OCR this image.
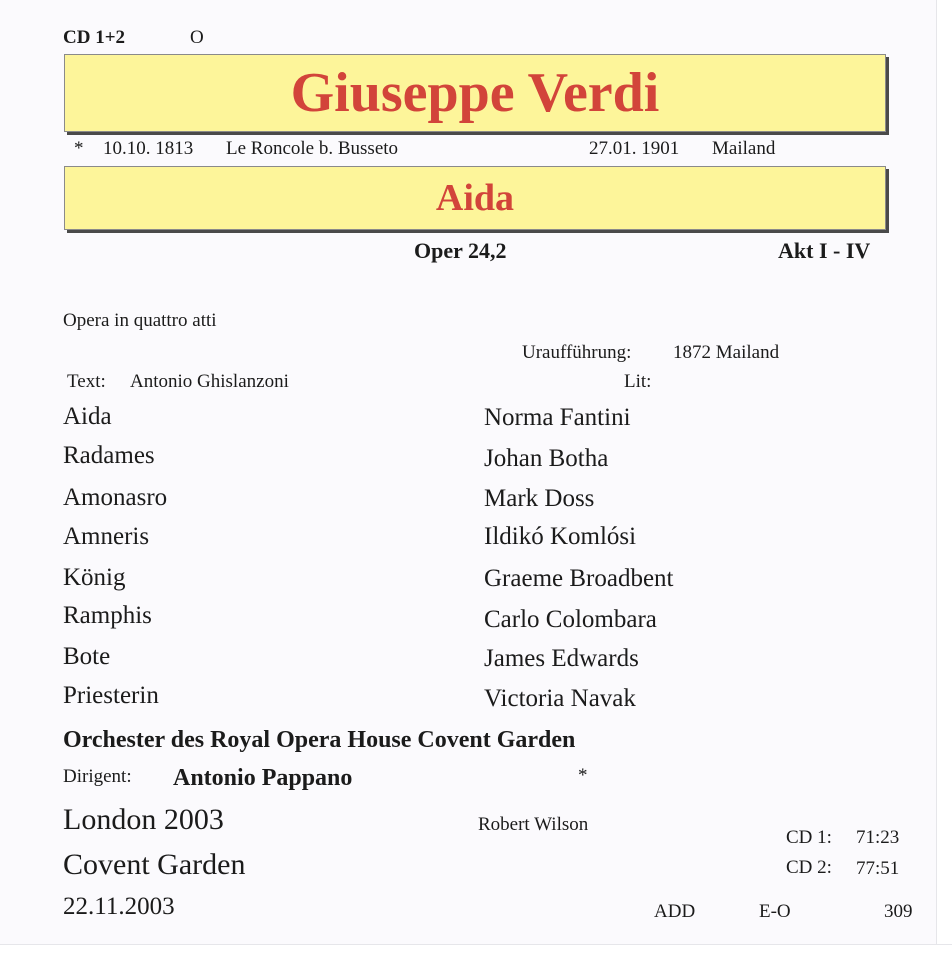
CD 1+2	O
Giuseppe Verdi
* 10.10. 1813 Le Roncole b. Busseto	27.01. 1901 Mailand
Aida
Oper 24,2	Akt I - IV
Opera in quattro atti
Uraufführung: 1872 Mailand
Text: Antonio Ghislanzoni	Lit:
Aida	Norma Fantini
Radames	Johan Botha
Amonasro	Mark Doss
Amneris	Ildikó Komlósi
König	Graeme Broadbent
Ramphis	Carlo Colombara
Bote	James Edwards
Priesterin	Victoria Navak
Orchester des Royal Opera House Covent Garden
Dirigent: Antonio Pappano	*
London 2003	Robert Wilson
Covent Garden
22.11.2003
CD 1: 71:23
CD 2: 77:51
ADD	E-O	309
